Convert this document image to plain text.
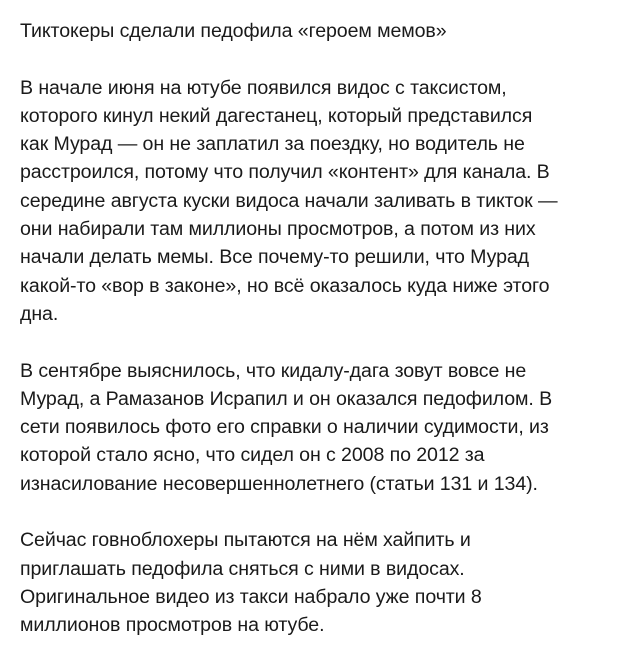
Тиктокеры сделали педофила «героем мемов»

В начале июня на ютубе появился видос с таксистом,
которого кинул некий дагестанец, который представился
как Мурад — он не заплатил за поездку, но водитель не
расстроился, потому что получил «контент» для канала. В
середине августа куски видоса начали заливать в тикток —
они набирали там миллионы просмотров, а потом из них
начали делать мемы. Все почему-то решили, что Мурад
какой-то «вор в законе», но всё оказалось куда ниже этого
дна.

В сентябре выяснилось, что кидалу-дага зовут вовсе не
Мурад, а Рамазанов Исрапил и он оказался педофилом. В
сети появилось фото его справки о наличии судимости, из
которой стало ясно, что сидел он с 2008 по 2012 за
изнасилование несовершеннолетнего (статьи 131 и 134).

Сейчас говноблохеры пытаются на нём хайпить и
приглашать педофила сняться с ними в видосах.
Оригинальное видео из такси набрало уже почти 8
миллионов просмотров на ютубе.
